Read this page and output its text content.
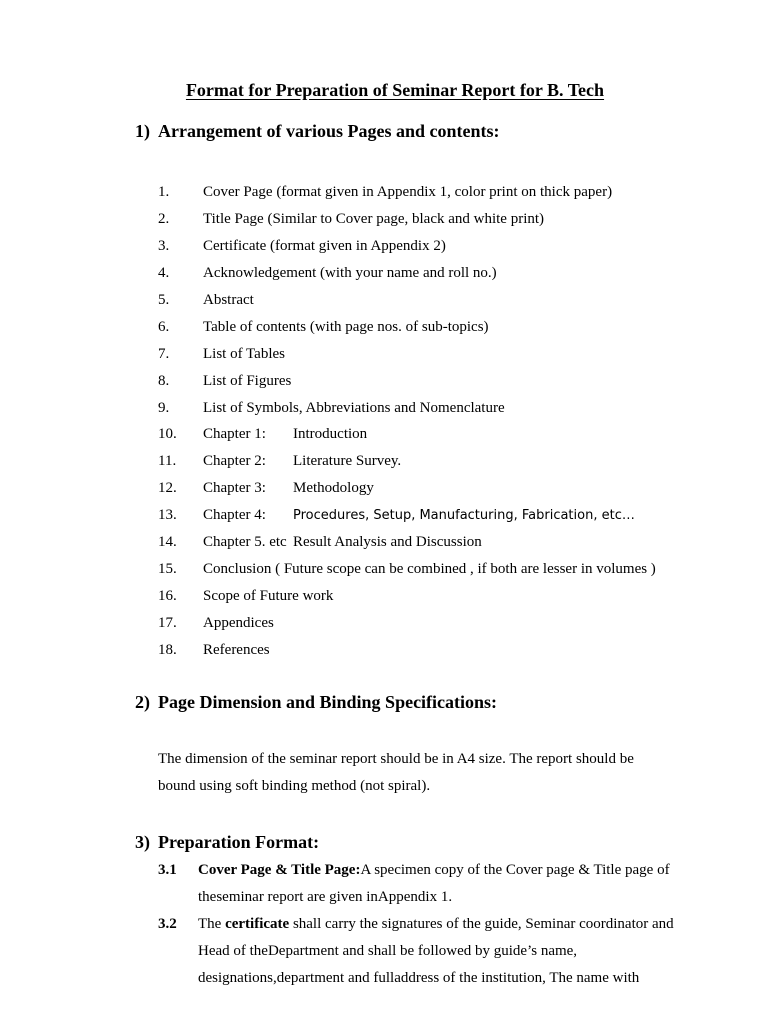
Format for Preparation of Seminar Report for B. Tech
1) Arrangement of various Pages and contents:
1. Cover Page (format given in Appendix 1, color print on thick paper)
2. Title Page (Similar to Cover page, black and white print)
3. Certificate (format given in Appendix 2)
4. Acknowledgement (with your name and roll no.)
5. Abstract
6. Table of contents (with page nos. of sub-topics)
7. List of Tables
8. List of Figures
9. List of Symbols, Abbreviations and Nomenclature
10. Chapter 1: Introduction
11. Chapter 2: Literature Survey.
12. Chapter 3: Methodology
13. Chapter 4: Procedures, Setup, Manufacturing, Fabrication, etc…
14. Chapter 5. etc Result Analysis and Discussion
15. Conclusion ( Future scope can be combined , if both are lesser in volumes )
16. Scope of Future work
17. Appendices
18. References
2) Page Dimension and Binding Specifications:
The dimension of the seminar report should be in A4 size. The report should be
bound using soft binding method (not spiral).
3) Preparation Format:
3.1 Cover Page & Title Page:A specimen copy of the Cover page & Title page of
theseminar report are given inAppendix 1.
3.2 The certificate shall carry the signatures of the guide, Seminar coordinator and
Head of theDepartment and shall be followed by guide’s name,
designations,department and fulladdress of the institution, The name with
